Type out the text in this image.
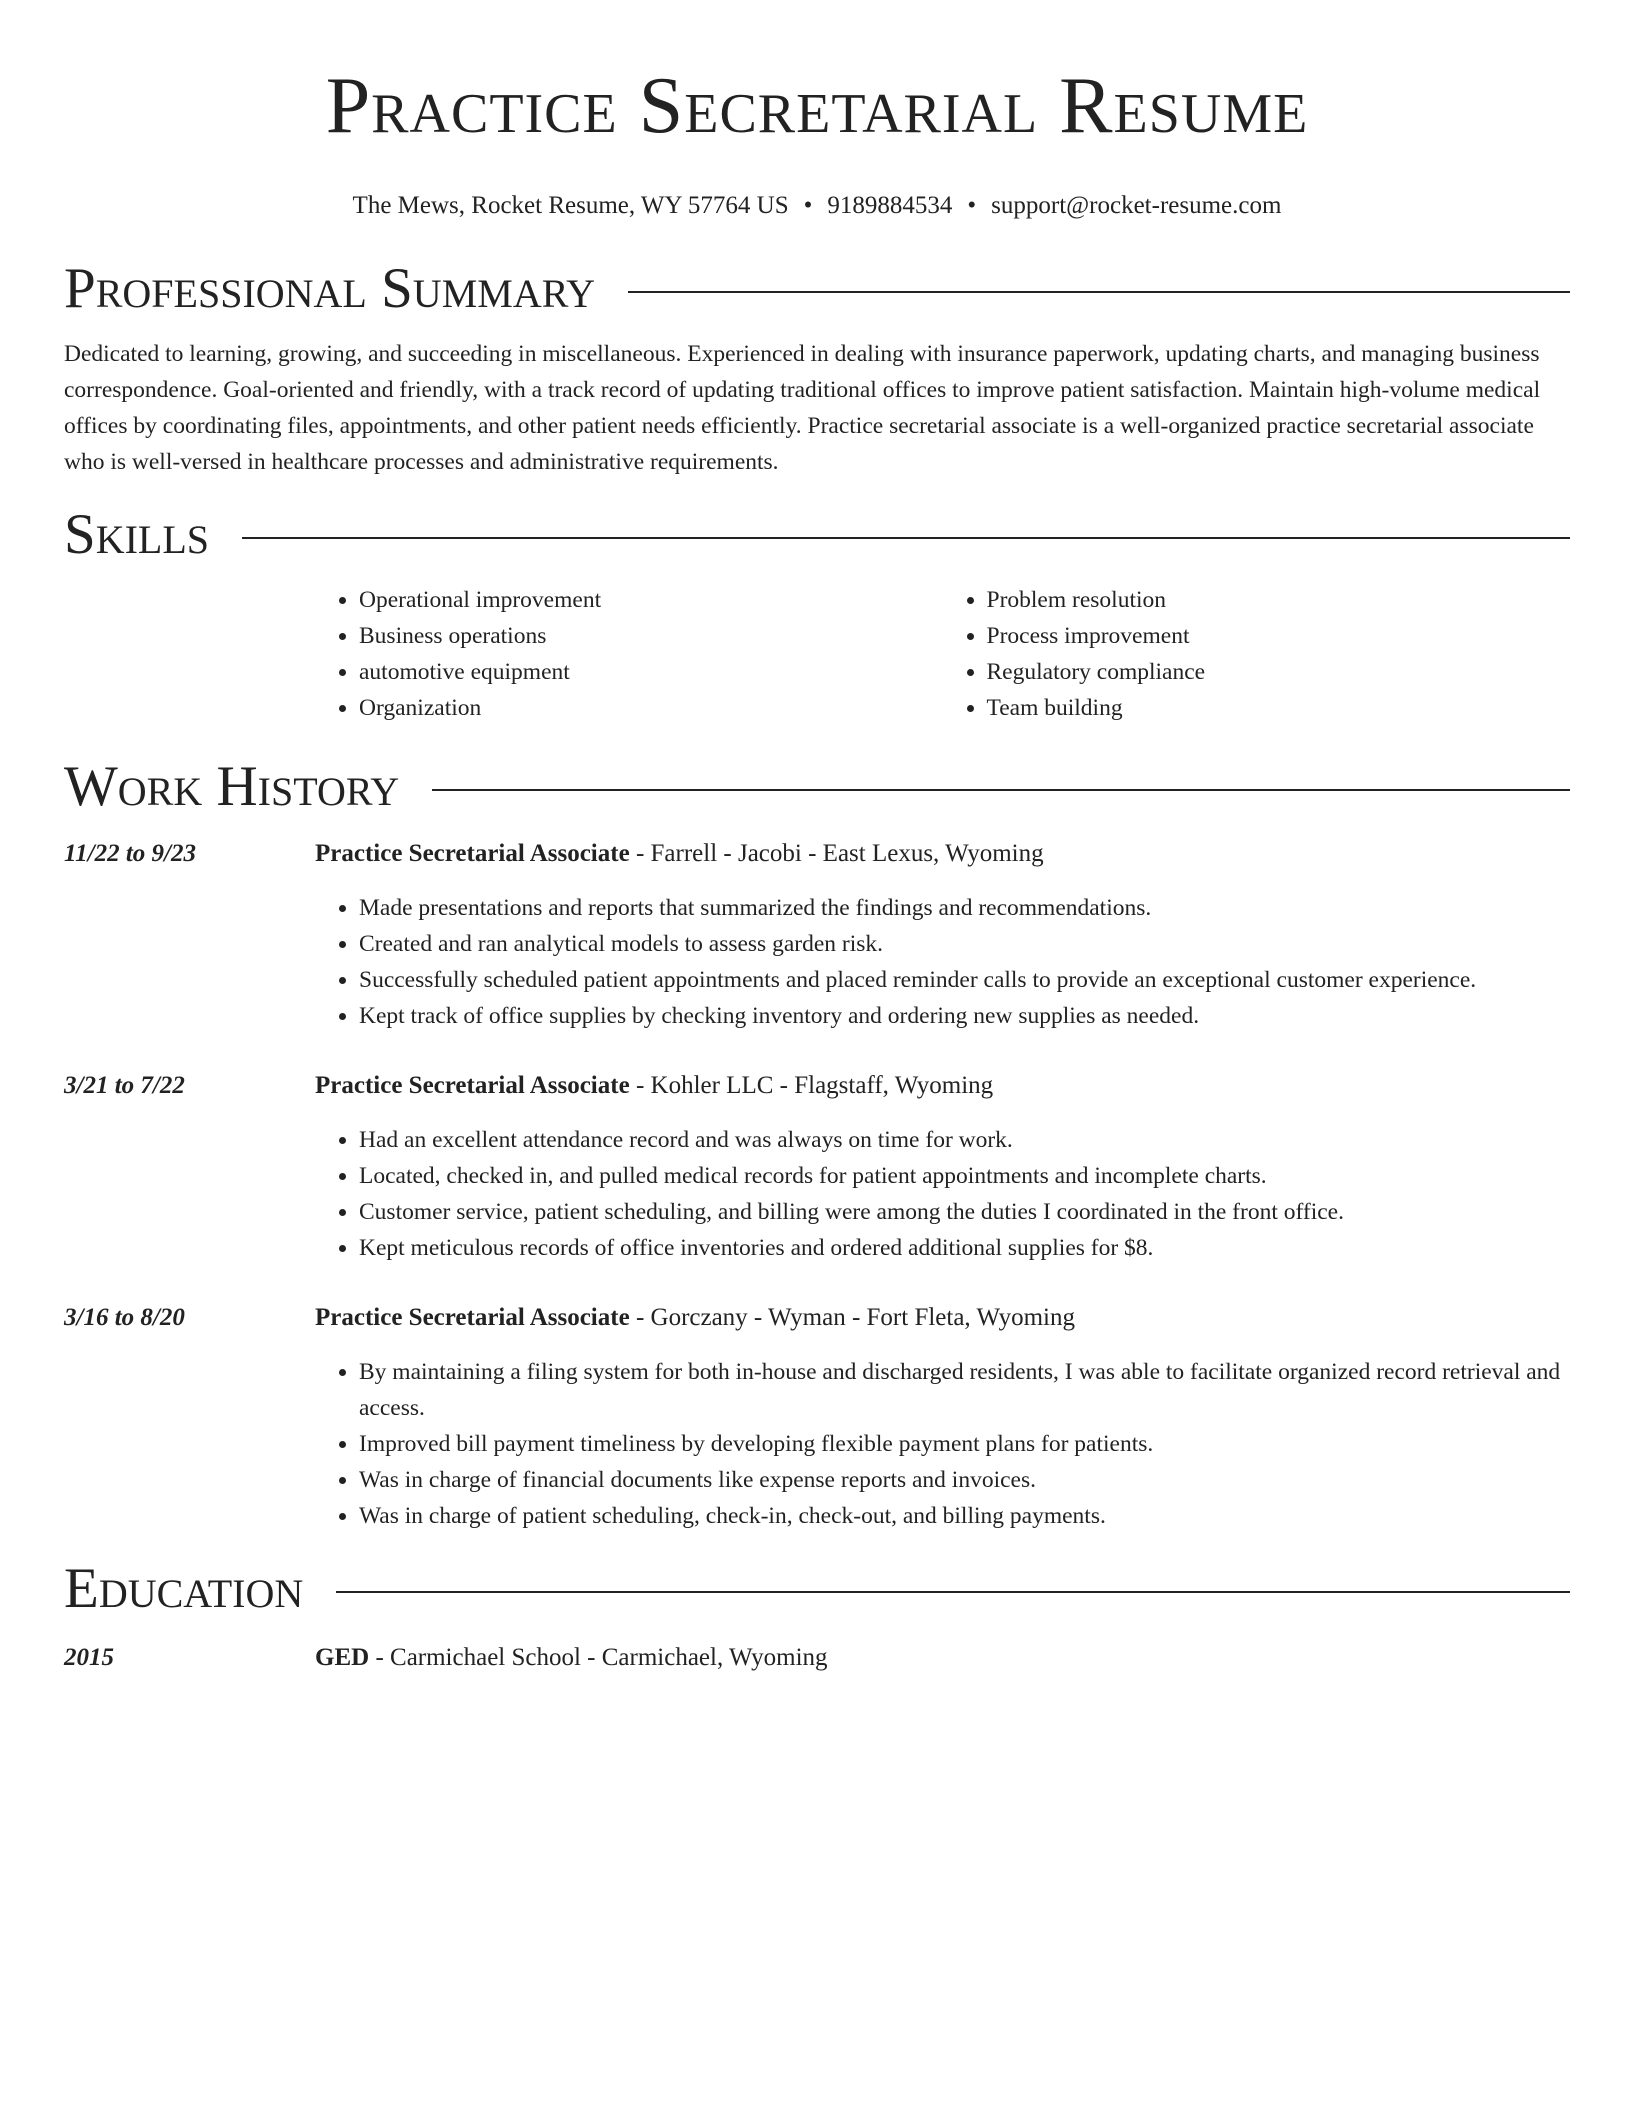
Practice Secretarial Resume
The Mews, Rocket Resume, WY 57764 US • 9189884534 • support@rocket-resume.com
Professional Summary

Dedicated to learning, growing, and succeeding in miscellaneous. Experienced in dealing with insurance paperwork, updating charts, and managing business correspondence. Goal-oriented and friendly, with a track record of updating traditional offices to improve patient satisfaction. Maintain high-volume medical offices by coordinating files, appointments, and other patient needs efficiently. Practice secretarial associate is a well-organized practice secretarial associate who is well-versed in healthcare processes and administrative requirements.

Skills
• Operational improvement
• Business operations
• automotive equipment
• Organization
• Problem resolution
• Process improvement
• Regulatory compliance
• Team building
Work History
11/22 to 9/23	Practice Secretarial Associate - Farrell - Jacobi - East Lexus, Wyoming
• Made presentations and reports that summarized the findings and recommendations.
• Created and ran analytical models to assess garden risk.
• Successfully scheduled patient appointments and placed reminder calls to provide an exceptional customer experience.
• Kept track of office supplies by checking inventory and ordering new supplies as needed.
3/21 to 7/22	Practice Secretarial Associate - Kohler LLC - Flagstaff, Wyoming
• Had an excellent attendance record and was always on time for work.
• Located, checked in, and pulled medical records for patient appointments and incomplete charts.
• Customer service, patient scheduling, and billing were among the duties I coordinated in the front office.
• Kept meticulous records of office inventories and ordered additional supplies for $8.
3/16 to 8/20	Practice Secretarial Associate - Gorczany - Wyman - Fort Fleta, Wyoming
• By maintaining a filing system for both in-house and discharged residents, I was able to facilitate organized record retrieval and access.
• Improved bill payment timeliness by developing flexible payment plans for patients.
• Was in charge of financial documents like expense reports and invoices.
• Was in charge of patient scheduling, check-in, check-out, and billing payments.
Education
2015	GED - Carmichael School - Carmichael, Wyoming
